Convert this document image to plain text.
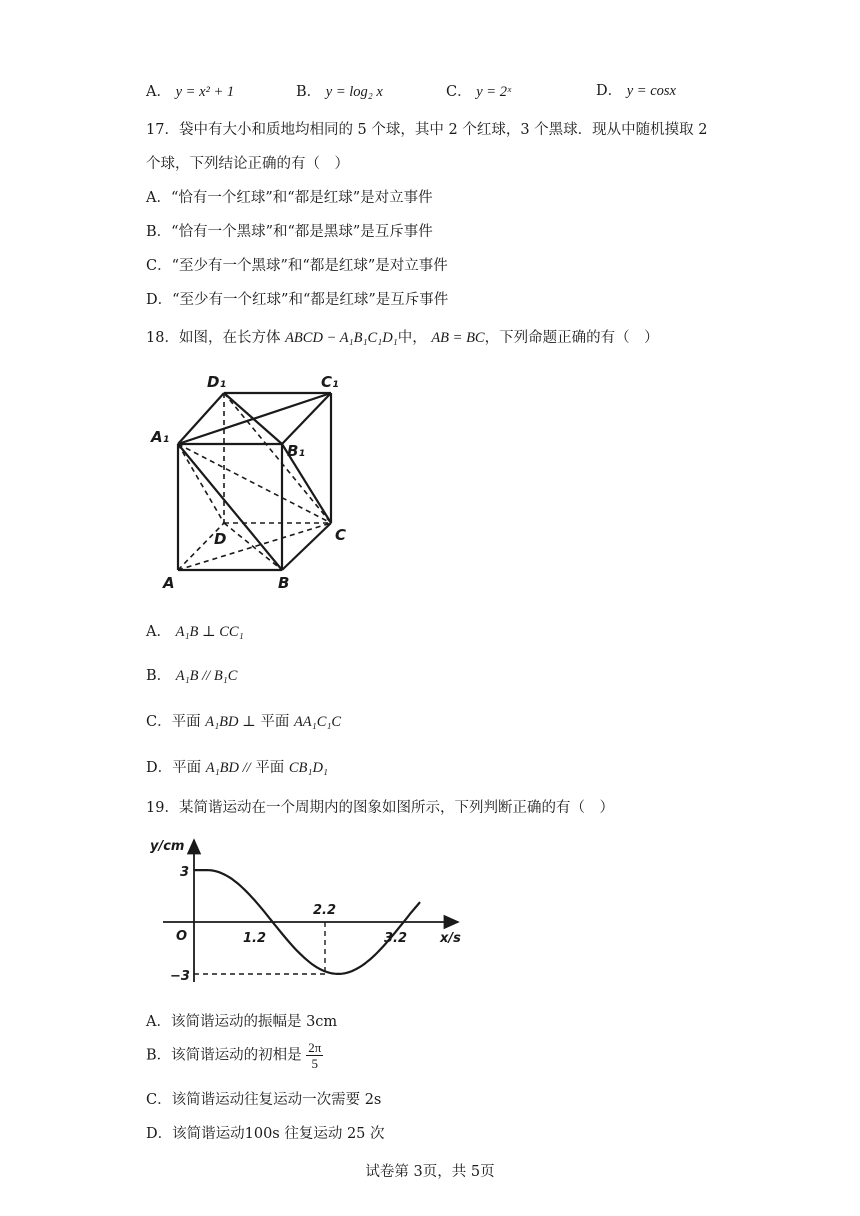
A． y = x² + 1	B． y = log₂ x	C． y = 2ˣ	D． y = cosx
17．袋中有大小和质地均相同的 5 个球，其中 2 个红球，3 个黑球．现从中随机摸取 2
个球，下列结论正确的有（　）
A．“恰有一个红球”和“都是红球”是对立事件
B．“恰有一个黑球”和“都是黑球”是互斥事件
C．“至少有一个黑球”和“都是红球”是对立事件
D．“至少有一个红球”和“都是红球”是互斥事件
18．如图，在长方体 ABCD − A₁B₁C₁D₁中， AB = BC，下列命题正确的有（　）
D₁	C₁
A₁
B₁
D	C
A	B
A． A₁B ⊥ CC₁
B． A₁B // B₁C
C．平面 A₁BD ⊥ 平面 AA₁C₁C
D．平面 A₁BD // 平面 CB₁D₁
19．某简谐运动在一个周期内的图象如图所示，下列判断正确的有（　）
y/cm
x/s
O
3
−3
1.2
2.2
3.2
A．该简谐运动的振幅是 3cm
B．该简谐运动的初相是 $\frac{2\pi}{5}$
C．该简谐运动往复运动一次需要 2s
D．该简谐运动100s 往复运动 25 次
试卷第 3页，共 5页
